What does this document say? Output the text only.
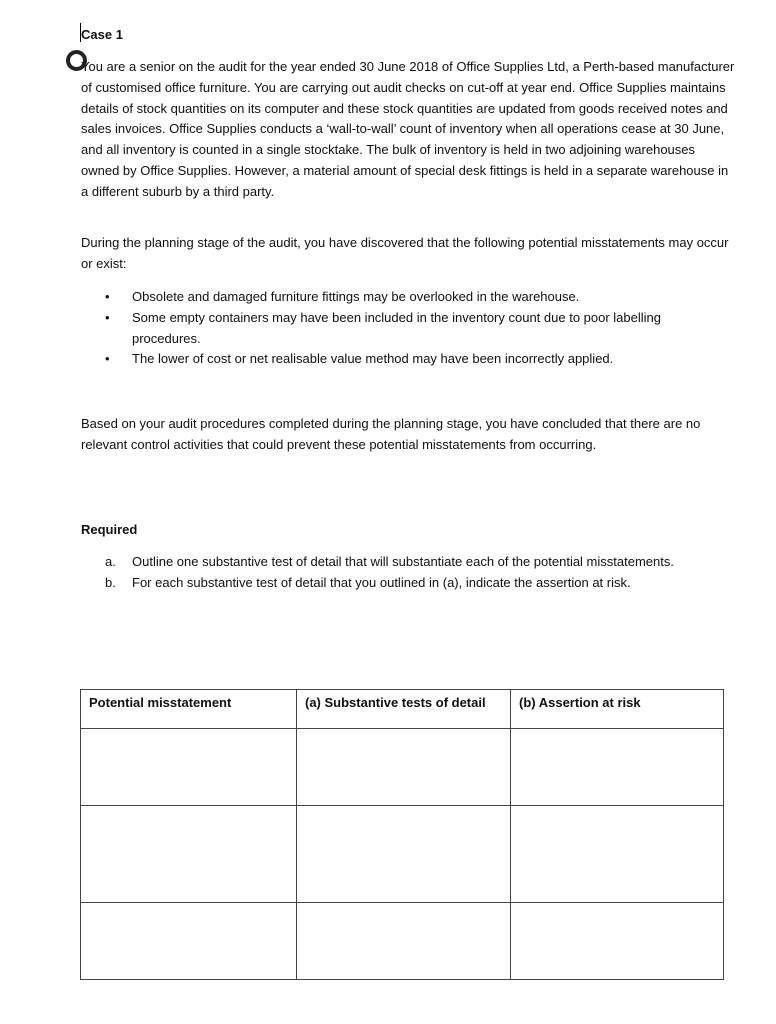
Case 1

You are a senior on the audit for the year ended 30 June 2018 of Office Supplies Ltd, a Perth-based manufacturer of customised office furniture. You are carrying out audit checks on cut-off at year end. Office Supplies maintains details of stock quantities on its computer and these stock quantities are updated from goods received notes and sales invoices. Office Supplies conducts a ‘wall-to-wall’ count of inventory when all operations cease at 30 June, and all inventory is counted in a single stocktake. The bulk of inventory is held in two adjoining warehouses owned by Office Supplies. However, a material amount of special desk fittings is held in a separate warehouse in a different suburb by a third party.

During the planning stage of the audit, you have discovered that the following potential misstatements may occur or exist:

• Obsolete and damaged furniture fittings may be overlooked in the warehouse.
• Some empty containers may have been included in the inventory count due to poor labelling procedures.
• The lower of cost or net realisable value method may have been incorrectly applied.

Based on your audit procedures completed during the planning stage, you have concluded that there are no relevant control activities that could prevent these potential misstatements from occurring.

Required

a. Outline one substantive test of detail that will substantiate each of the potential misstatements.
b. For each substantive test of detail that you outlined in (a), indicate the assertion at risk.
Potential misstatement	(a) Substantive tests of detail	(b) Assertion at risk
